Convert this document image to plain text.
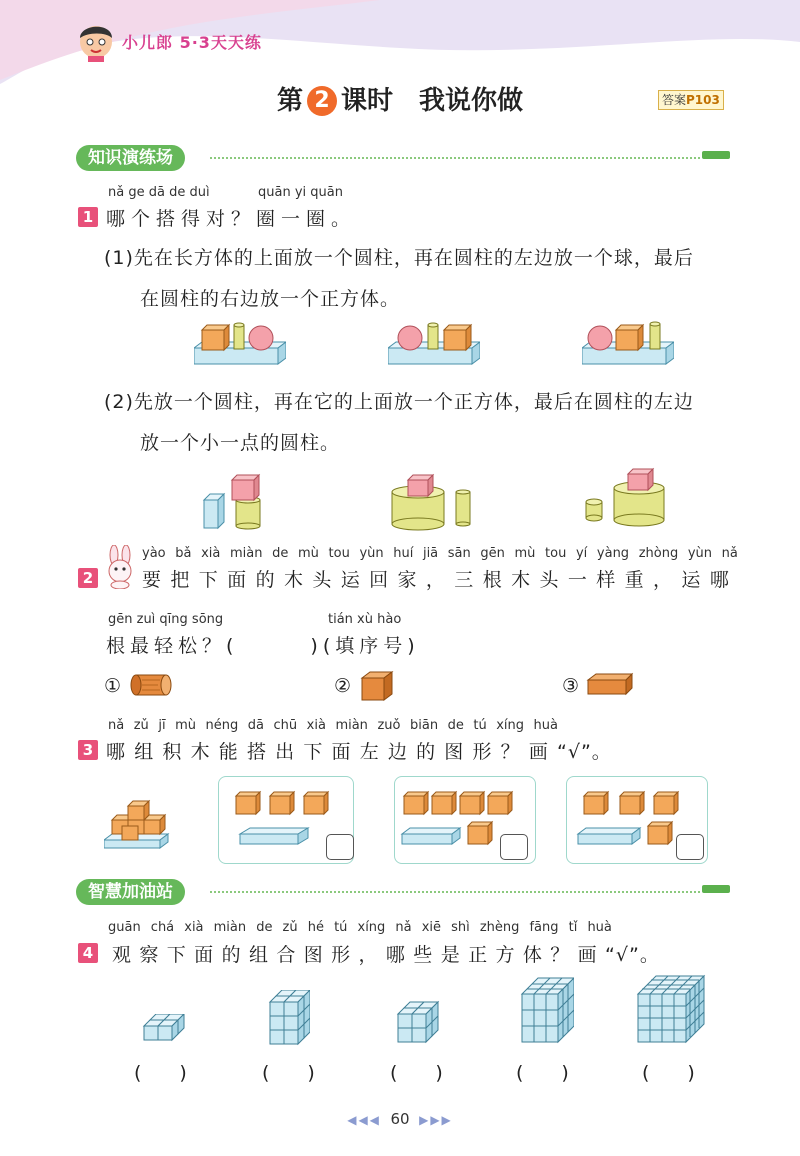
小儿郎 5·3天天练
第 2 课时　我说你做	答案P103
知识演练场
nǎ ge dā de duì	quān yi quān
1 哪个搭得对？圈一圈。
(1)先在长方体的上面放一个圆柱，再在圆柱的左边放一个球，最后
在圆柱的右边放一个正方体。
(2)先放一个圆柱，再在它的上面放一个正方体，最后在圆柱的左边
放一个小一点的圆柱。
2
yào bǎ xià miàn de mù tou yùn huí jiā sān gēn mù tou yí yàng zhòng yùn nǎ
要 把 下 面 的 木 头 运 回 家 ， 三 根 木 头 一 样 重 ， 运 哪
gēn zuì qīng sōng	tián xù hào
根最轻松？(　　　)(填序号)
①	②	③
nǎ zǔ jī mù néng dā chū xià miàn zuǒ biān de tú xíng huà
3 哪 组 积 木 能 搭 出 下 面 左 边 的 图 形 ？ 画 “√”。
智慧加油站
guān chá xià miàn de zǔ hé tú xíng nǎ xiē shì zhèng fāng tǐ huà
4 观 察 下 面 的 组 合 图 形 ， 哪 些 是 正 方 体 ？ 画 “√”。
(　　)	(　　)	(　　)	(　　)	(　　)
◀◀◀ 60 ▶▶▶
